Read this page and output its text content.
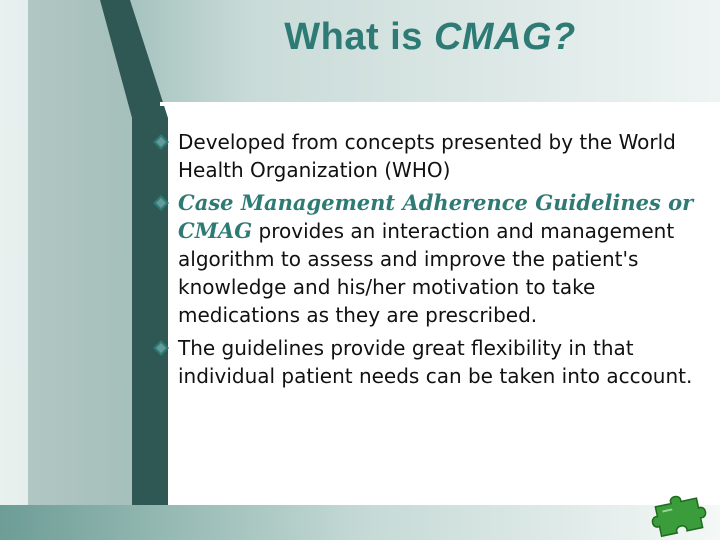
What is CMAG?
Developed from concepts presented by the World Health Organization (WHO)
Case Management Adherence Guidelines or CMAG provides an interaction and management algorithm to assess and improve the patient's knowledge and his/her motivation to take medications as they are prescribed.
The guidelines provide great flexibility in that individual patient needs can be taken into account.
